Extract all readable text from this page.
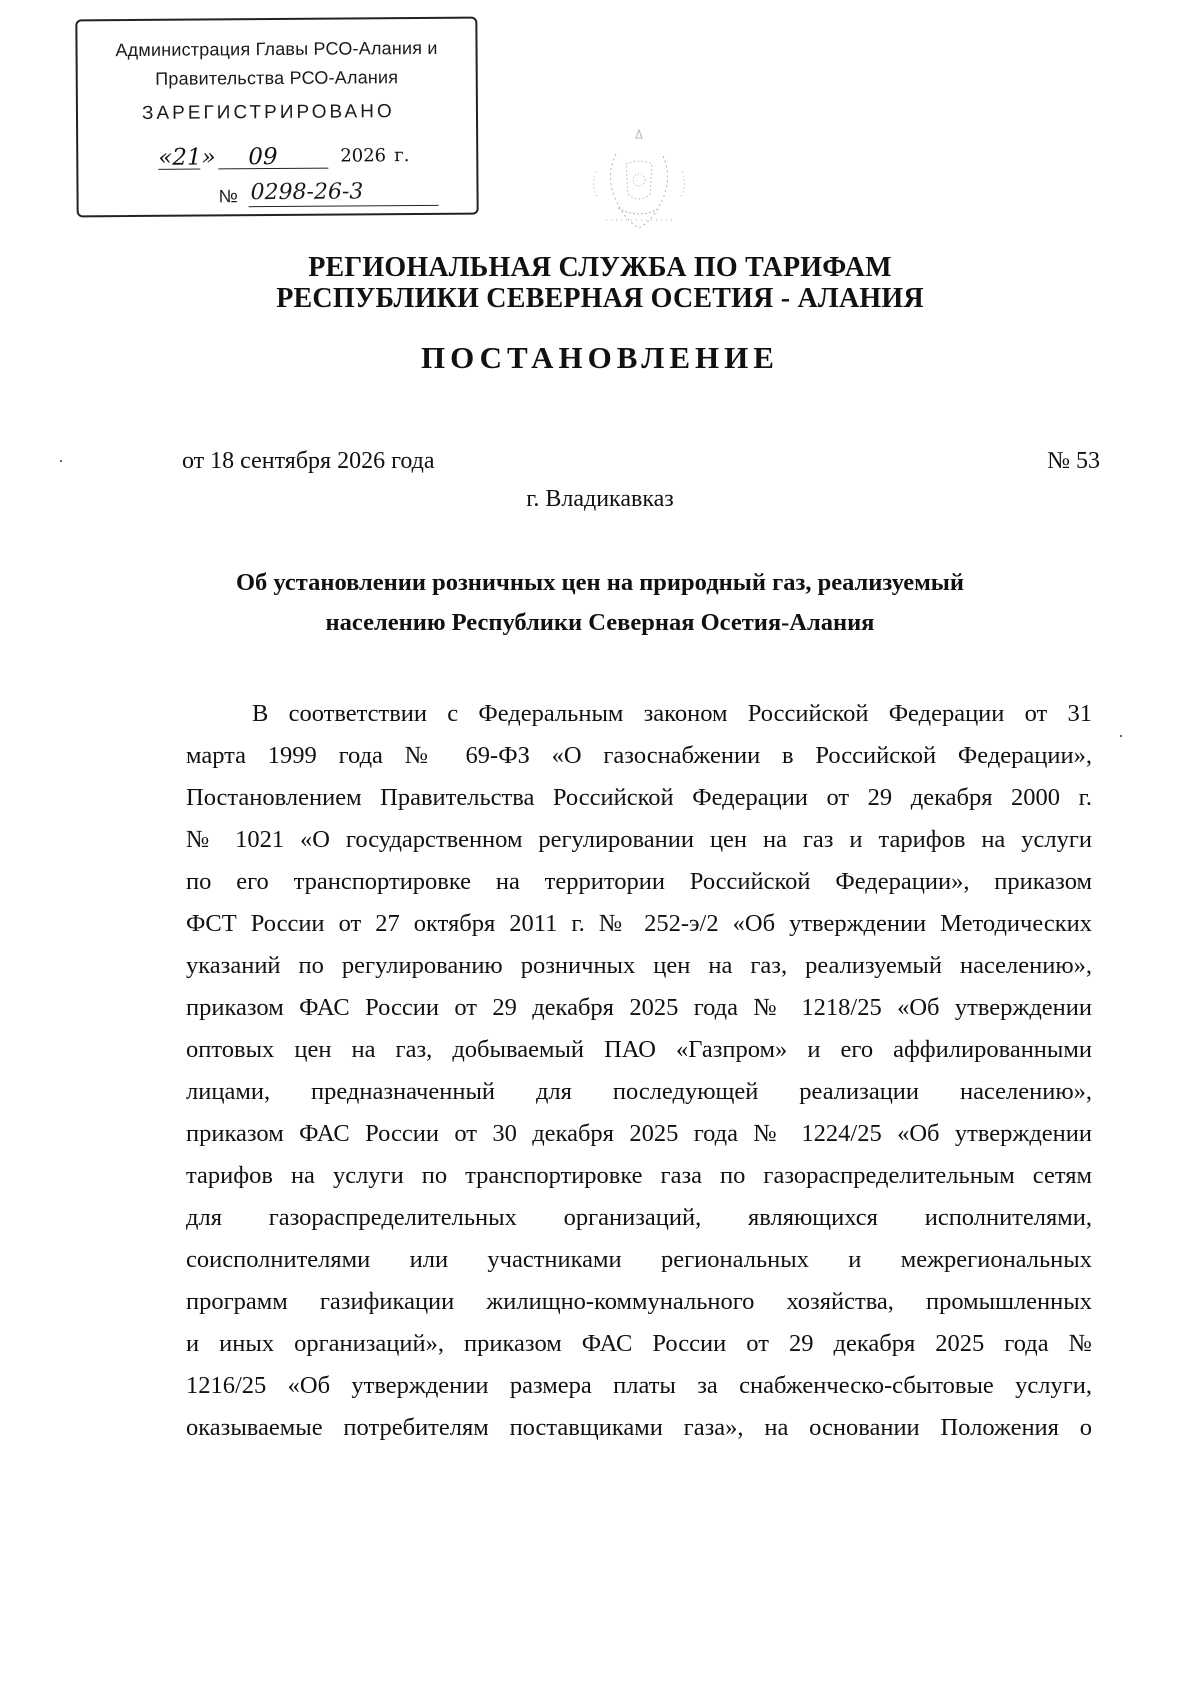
Администрация Главы РСО-Алания и
Правительства РСО-Алания
ЗАРЕГИСТРИРОВАНО
«21» 09	2026 г.
№ 0298-26-3
РЕГИОНАЛЬНАЯ СЛУЖБА ПО ТАРИФАМ
РЕСПУБЛИКИ СЕВЕРНАЯ ОСЕТИЯ - АЛАНИЯ
ПОСТАНОВЛЕНИЕ
от 18 сентября 2026 года	№ 53
г. Владикавказ
Об установлении розничных цен на природный газ, реализуемый
населению Республики Северная Осетия-Алания
В соответствии с Федеральным законом Российской Федерации от 31
марта 1999 года № 69-ФЗ «О газоснабжении в Российской Федерации»,
Постановлением Правительства Российской Федерации от 29 декабря 2000 г.
№ 1021 «О государственном регулировании цен на газ и тарифов на услуги
по его транспортировке на территории Российской Федерации», приказом
ФСТ России от 27 октября 2011 г. № 252-э/2 «Об утверждении Методических
указаний по регулированию розничных цен на газ, реализуемый населению»,
приказом ФАС России от 29 декабря 2025 года № 1218/25 «Об утверждении
оптовых цен на газ, добываемый ПАО «Газпром» и его аффилированными
лицами, предназначенный для последующей реализации населению»,
приказом ФАС России от 30 декабря 2025 года № 1224/25 «Об утверждении
тарифов на услуги по транспортировке газа по газораспределительным сетям
для газораспределительных организаций, являющихся исполнителями,
соисполнителями или участниками региональных и межрегиональных
программ газификации жилищно-коммунального хозяйства, промышленных
и иных организаций», приказом ФАС России от 29 декабря 2025 года №
1216/25 «Об утверждении размера платы за снабженческо-сбытовые услуги,
оказываемые потребителям поставщиками газа», на основании Положения о
